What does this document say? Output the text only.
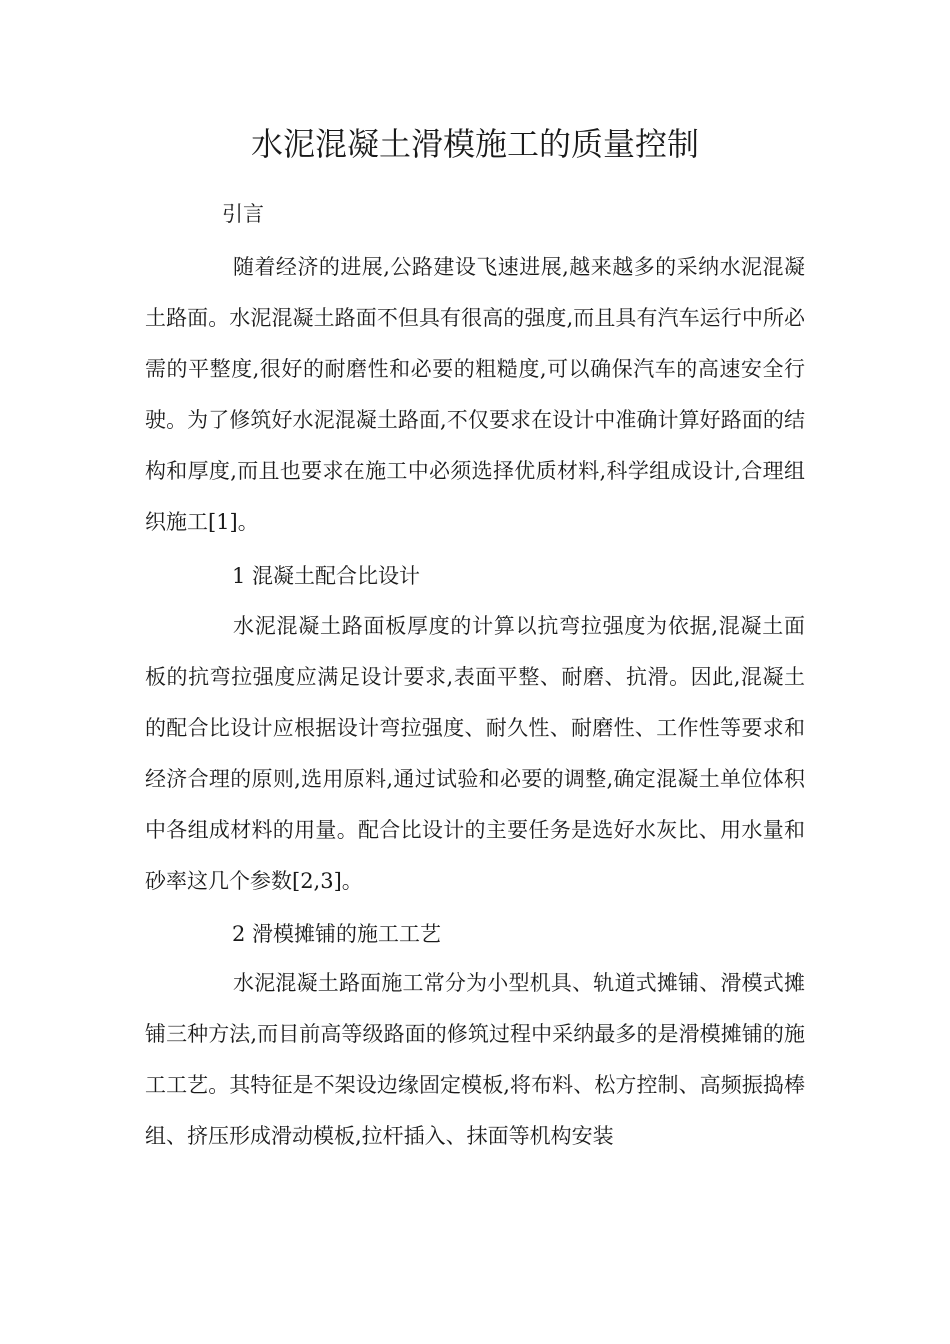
水泥混凝土滑模施工的质量控制

引言

随着经济的进展,公路建设飞速进展,越来越多的采纳水泥混凝土路面。水泥混凝土路面不但具有很高的强度,而且具有汽车运行中所必需的平整度,很好的耐磨性和必要的粗糙度,可以确保汽车的高速安全行驶。为了修筑好水泥混凝土路面,不仅要求在设计中准确计算好路面的结构和厚度,而且也要求在施工中必须选择优质材料,科学组成设计,合理组织施工[1]。

1 混凝土配合比设计

水泥混凝土路面板厚度的计算以抗弯拉强度为依据,混凝土面板的抗弯拉强度应满足设计要求,表面平整、耐磨、抗滑。因此,混凝土的配合比设计应根据设计弯拉强度、耐久性、耐磨性、工作性等要求和经济合理的原则,选用原料,通过试验和必要的调整,确定混凝土单位体积中各组成材料的用量。配合比设计的主要任务是选好水灰比、用水量和砂率这几个参数[2,3]。

2 滑模摊铺的施工工艺

水泥混凝土路面施工常分为小型机具、轨道式摊铺、滑模式摊铺三种方法,而目前高等级路面的修筑过程中采纳最多的是滑模摊铺的施工工艺。其特征是不架设边缘固定模板,将布料、松方控制、高频振捣棒组、挤压形成滑动模板,拉杆插入、抹面等机构安装
